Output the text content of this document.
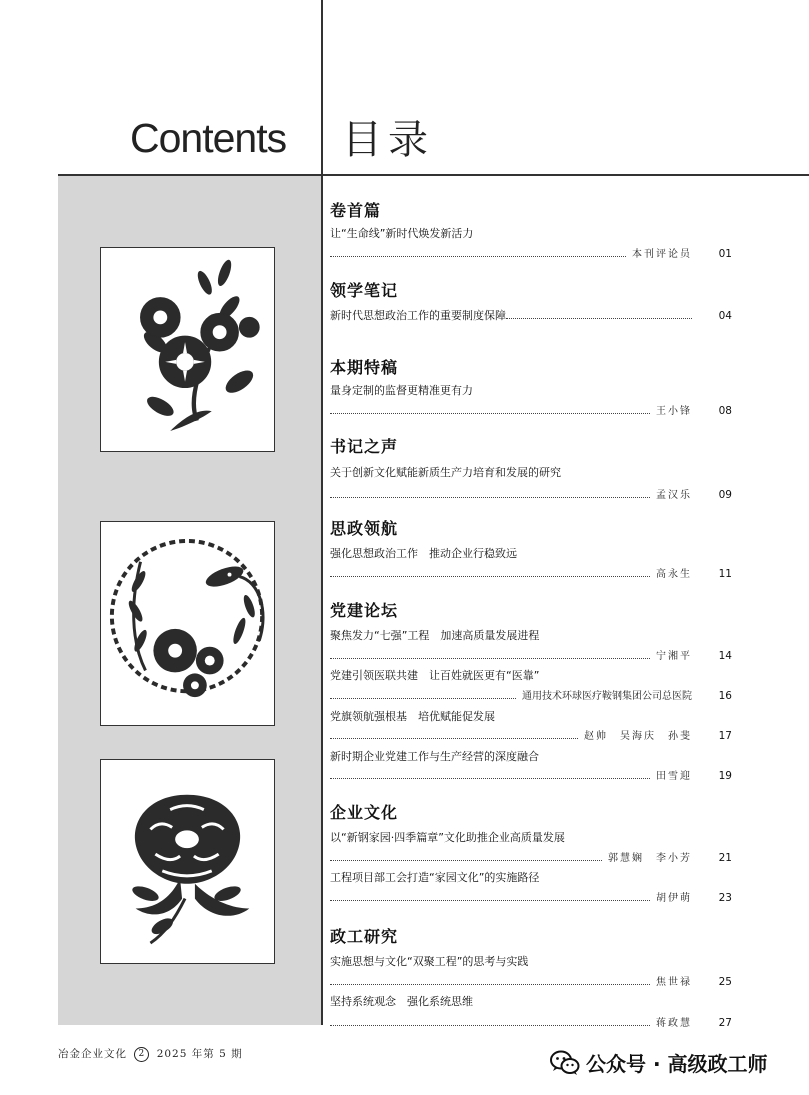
Contents 目录
卷首篇
让“生命线”新时代焕发新活力
本刊评论员	01
领学笔记
新时代思想政治工作的重要制度保障	04
本期特稿
量身定制的监督更精准更有力
王小锋	08
书记之声
关于创新文化赋能新质生产力培育和发展的研究
孟汉乐	09
思政领航
强化思想政治工作　推动企业行稳致远
高永生	11
党建论坛
聚焦发力“七强”工程　加速高质量发展进程
宁湘平	14
党建引领医联共建　让百姓就医更有“医靠”
通用技术环球医疗鞍钢集团公司总医院	16
党旗领航强根基　培优赋能促发展
赵帅　吴海庆　孙斐	17
新时期企业党建工作与生产经营的深度融合
田雪迎	19
企业文化
以“新钢家园·四季篇章”文化助推企业高质量发展
郭慧娴　李小芳	21
工程项目部工会打造“家园文化”的实施路径
胡伊萌	23
政工研究
实施思想与文化“双聚工程”的思考与实践
焦世禄	25
坚持系统观念　强化系统思维
蒋政慧	27
冶金企业文化 2 2025 年第 5 期	公众号 · 高级政工师
